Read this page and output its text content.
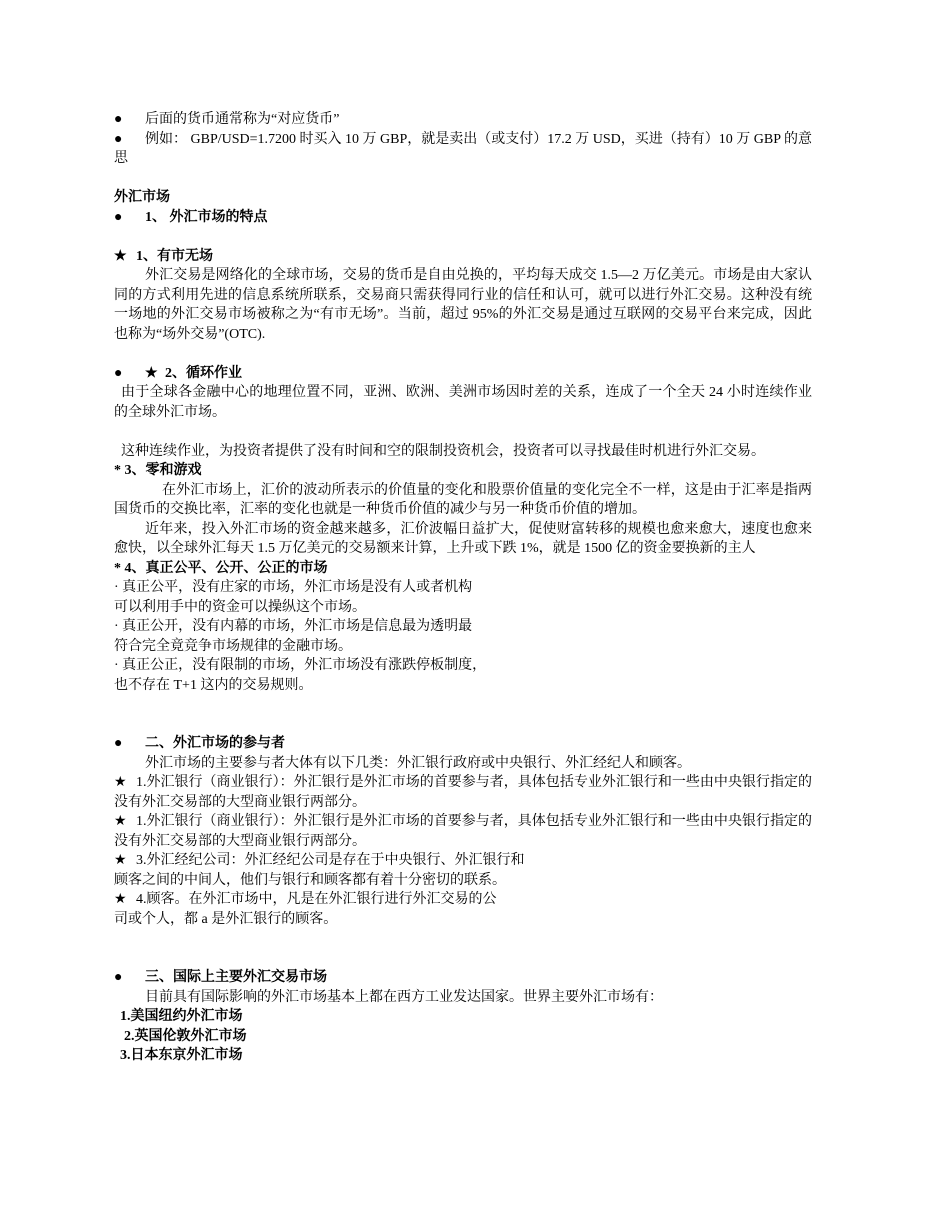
● 后面的货币通常称为“对应货币”
● 例如： GBP/USD=1.7200 时买入 10 万 GBP，就是卖出（或支付）17.2 万 USD，买进（持有）10 万 GBP 的意思
外汇市场
● 1、 外汇市场的特点
★ 1、有市无场
外汇交易是网络化的全球市场，交易的货币是自由兑换的，平均每天成交 1.5—2 万亿美元。市场是由大家认同的方式利用先进的信息系统所联系，交易商只需获得同行业的信任和认可，就可以进行外汇交易。这种没有统一场地的外汇交易市场被称之为“有市无场”。当前，超过 95%的外汇交易是通过互联网的交易平台来完成，因此也称为“场外交易”(OTC).
● ★ 2、循环作业
由于全球各金融中心的地理位置不同，亚洲、欧洲、美洲市场因时差的关系，连成了一个全天 24 小时连续作业的全球外汇市场。
这种连续作业，为投资者提供了没有时间和空的限制投资机会，投资者可以寻找最佳时机进行外汇交易。
* 3、零和游戏
在外汇市场上，汇价的波动所表示的价值量的变化和股票价值量的变化完全不一样，这是由于汇率是指两国货币的交换比率，汇率的变化也就是一种货币价值的减少与另一种货币价值的增加。
近年来，投入外汇市场的资金越来越多，汇价波幅日益扩大，促使财富转移的规模也愈来愈大，速度也愈来愈快，以全球外汇每天 1.5 万亿美元的交易额来计算，上升或下跌 1%，就是 1500 亿的资金要换新的主人
* 4、真正公平、公开、公正的市场
· 真正公平，没有庄家的市场，外汇市场是没有人或者机构
可以利用手中的资金可以操纵这个市场。
· 真正公开，没有内幕的市场，外汇市场是信息最为透明最
符合完全竟竞争市场规律的金融市场。
· 真正公正，没有限制的市场，外汇市场没有涨跌停板制度，
也不存在 T+1 这内的交易规则。
● 二、外汇市场的参与者
外汇市场的主要参与者大体有以下几类：外汇银行政府或中央银行、外汇经纪人和顾客。
★ 1.外汇银行（商业银行）：外汇银行是外汇市场的首要参与者，具体包括专业外汇银行和一些由中央银行指定的没有外汇交易部的大型商业银行两部分。
★ 1.外汇银行（商业银行）：外汇银行是外汇市场的首要参与者，具体包括专业外汇银行和一些由中央银行指定的没有外汇交易部的大型商业银行两部分。
★ 3.外汇经纪公司：外汇经纪公司是存在于中央银行、外汇银行和
顾客之间的中间人，他们与银行和顾客都有着十分密切的联系。
★ 4.顾客。在外汇市场中，凡是在外汇银行进行外汇交易的公
司或个人，都 a 是外汇银行的顾客。
● 三、国际上主要外汇交易市场
目前具有国际影响的外汇市场基本上都在西方工业发达国家。世界主要外汇市场有：
1.美国纽约外汇市场
2.英国伦敦外汇市场
3.日本东京外汇市场
